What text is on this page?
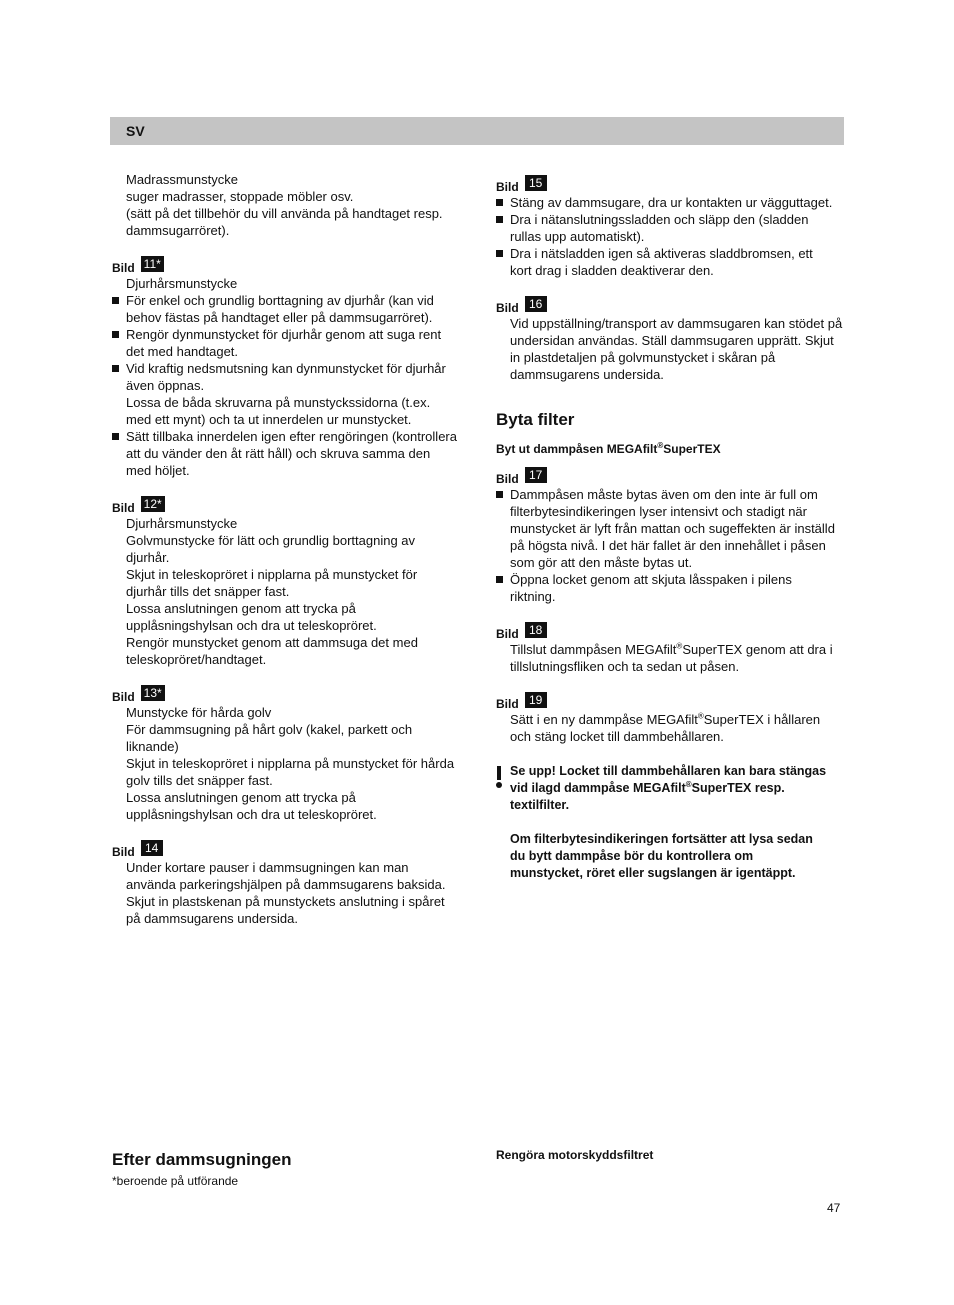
SV
Madrassmunstycke
suger madrasser, stoppade möbler osv.
(sätt på det tillbehör du vill använda på handtaget resp.
dammsugarröret).
Bild 11*
Djurhårsmunstycke
För enkel och grundlig borttagning av djurhår (kan vid
behov fästas på handtaget eller på dammsugarröret).
Rengör dynmunstycket för djurhår genom att suga rent
det med handtaget.
Vid kraftig nedsmutsning kan dynmunstycket för djurhår
även öppnas.
Lossa de båda skruvarna på munstyckssidorna (t.ex.
med ett mynt) och ta ut innerdelen ur munstycket.
Sätt tillbaka innerdelen igen efter rengöringen (kontrollera
att du vänder den åt rätt håll) och skruva samma den
med höljet.
Bild 12*
Djurhårsmunstycke
Golvmunstycke för lätt och grundlig borttagning av
djurhår.
Skjut in teleskopröret i nipplarna på munstycket för
djurhår tills det snäpper fast.
Lossa anslutningen genom att trycka på
upplåsningshylsan och dra ut teleskopröret.
Rengör munstycket genom att dammsuga det med
teleskopröret/handtaget.
Bild 13*
Munstycke för hårda golv
För dammsugning på hårt golv (kakel, parkett och
liknande)
Skjut in teleskopröret i nipplarna på munstycket för hårda
golv tills det snäpper fast.
Lossa anslutningen genom att trycka på
upplåsningshylsan och dra ut teleskopröret.
Bild 14
Under kortare pauser i dammsugningen kan man
använda parkeringshjälpen på dammsugarens baksida.
Skjut in plastskenan på munstyckets anslutning i spåret
på dammsugarens undersida.
Bild 15
Stäng av dammsugare, dra ur kontakten ur vägguttaget.
Dra i nätanslutningssladden och släpp den (sladden
rullas upp automatiskt).
Dra i nätsladden igen så aktiveras sladdbromsen, ett
kort drag i sladden deaktiverar den.
Bild 16
Vid uppställning/transport av dammsugaren kan stödet på
undersidan användas. Ställ dammsugaren upprätt. Skjut
in plastdetaljen på golvmunstycket i skåran på
dammsugarens undersida.
Byta filter
Byt ut dammpåsen MEGAfilt®SuperTEX
Bild 17
Dammpåsen måste bytas även om den inte är full om
filterbytesindikeringen lyser intensivt och stadigt när
munstycket är lyft från mattan och sugeffekten är inställd
på högsta nivå. I det här fallet är den innehållet i påsen
som gör att den måste bytas ut.
Öppna locket genom att skjuta låsspaken i pilens
riktning.
Bild 18
Tillslut dammpåsen MEGAfilt®SuperTEX genom att dra i
tillslutningsfliken och ta sedan ut påsen.
Bild 19
Sätt i en ny dammpåse MEGAfilt®SuperTEX i hållaren
och stäng locket till dammbehållaren.
Se upp! Locket till dammbehållaren kan bara stängas
vid ilagd dammpåse MEGAfilt®SuperTEX resp.
textilfilter.
Om filterbytesindikeringen fortsätter att lysa sedan
du bytt dammpåse bör du kontrollera om
munstycket, röret eller sugslangen är igentäppt.
Efter dammsugningen
*beroende på utförande
Rengöra motorskyddsfiltret
47
